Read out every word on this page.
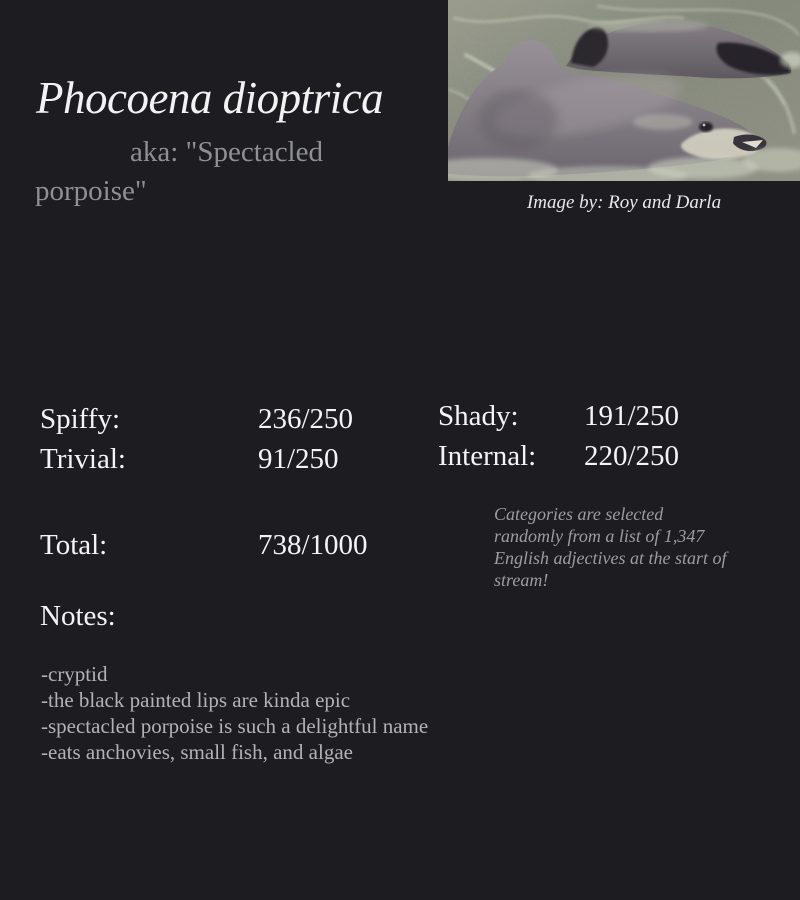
Phocoena dioptrica
aka: "Spectacled porpoise"	Image by: Roy and Darla
Spiffy:	236/250
Trivial:	91/250
Shady: 191/250
Internal: 220/250
Total:	738/1000
Categories are selected randomly from a list of 1,347 English adjectives at the start of stream!
Notes:
-cryptid
-the black painted lips are kinda epic
-spectacled porpoise is such a delightful name
-eats anchovies, small fish, and algae
